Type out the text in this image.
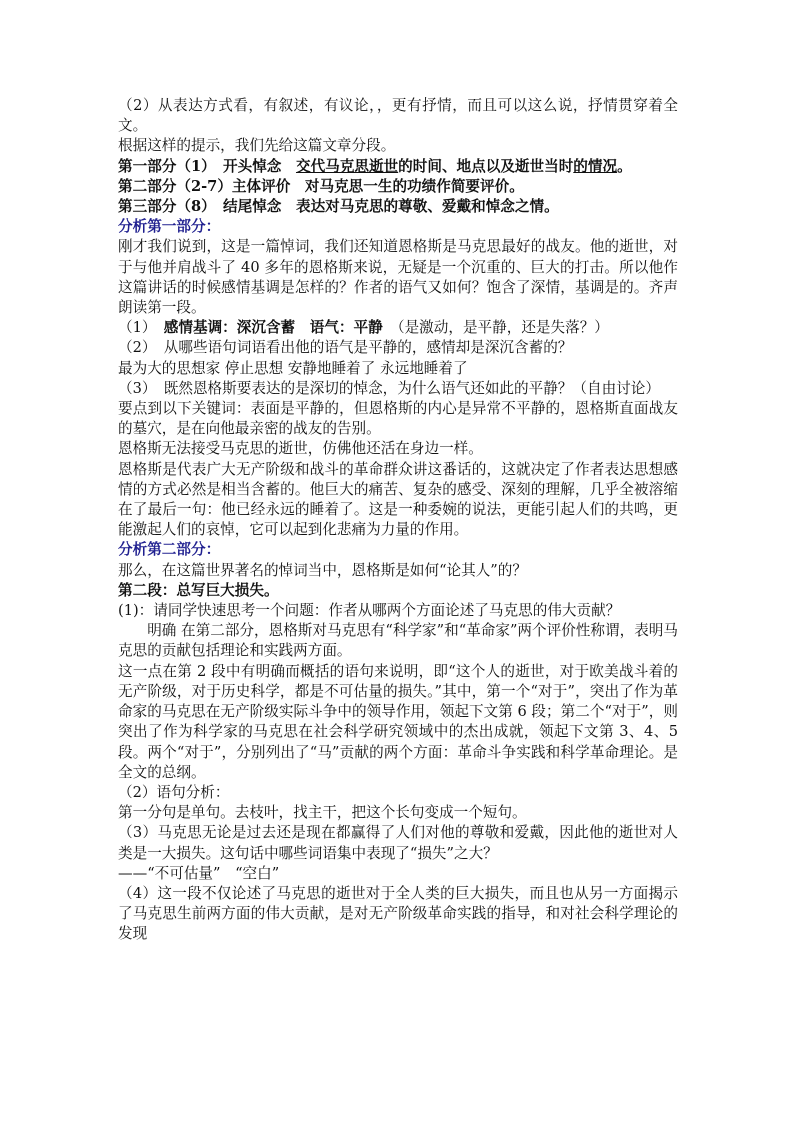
（2）从表达方式看，有叙述，有议论，，更有抒情，而且可以这么说，抒情贯穿着全文。

根据这样的提示，我们先给这篇文章分段。

第一部分（1）　开头悼念　交代马克思逝世的时间、地点以及逝世当时的情况。

第二部分（2-7）主体评价　对马克思一生的功绩作简要评价。

第三部分（8）　结尾悼念　表达对马克思的尊敬、爱戴和悼念之情。

分析第一部分：

刚才我们说到，这是一篇悼词，我们还知道恩格斯是马克思最好的战友。他的逝世，对于与他并肩战斗了 40 多年的恩格斯来说，无疑是一个沉重的、巨大的打击。所以他作这篇讲话的时候感情基调是怎样的？作者的语气又如何？饱含了深情，基调是的。齐声朗读第一段。

（1）　感情基调：深沉含蓄　语气：平静　（是激动，是平静，还是失落？）

（2）　从哪些语句词语看出他的语气是平静的，感情却是深沉含蓄的？

最为大的思想家 停止思想 安静地睡着了 永远地睡着了

（3）　既然恩格斯要表达的是深切的悼念，为什么语气还如此的平静？（自由讨论）

要点到以下关键词：表面是平静的，但恩格斯的内心是异常不平静的，恩格斯直面战友的墓穴，是在向他最亲密的战友的告别。

恩格斯无法接受马克思的逝世，仿佛他还活在身边一样。

恩格斯是代表广大无产阶级和战斗的革命群众讲这番话的，这就决定了作者表达思想感情的方式必然是相当含蓄的。他巨大的痛苦、复杂的感受、深刻的理解，几乎全被溶缩在了最后一句：他已经永远的睡着了。这是一种委婉的说法，更能引起人们的共鸣，更能激起人们的哀悼，它可以起到化悲痛为力量的作用。

分析第二部分：

那么，在这篇世界著名的悼词当中，恩格斯是如何“论其人”的？

第二段：总写巨大损失。

(1)：请同学快速思考一个问题：作者从哪两个方面论述了马克思的伟大贡献？

明确 在第二部分，恩格斯对马克思有“科学家”和“革命家”两个评价性称谓，表明马克思的贡献包括理论和实践两方面。

这一点在第 2 段中有明确而概括的语句来说明，即“这个人的逝世，对于欧美战斗着的无产阶级，对于历史科学，都是不可估量的损失。”其中，第一个“对于”，突出了作为革命家的马克思在无产阶级实际斗争中的领导作用，领起下文第 6 段；第二个“对于”，则突出了作为科学家的马克思在社会科学研究领域中的杰出成就，领起下文第 3、4、5 段。两个“对于”，分别列出了“马”贡献的两个方面：革命斗争实践和科学革命理论。是全文的总纲。

（2）语句分析：

第一分句是单句。去枝叶，找主干，把这个长句变成一个短句。

（3）马克思无论是过去还是现在都赢得了人们对他的尊敬和爱戴，因此他的逝世对人类是一大损失。这句话中哪些词语集中表现了“损失”之大？

——“不可估量”　“空白”

（4）这一段不仅论述了马克思的逝世对于全人类的巨大损失，而且也从另一方面揭示了马克思生前两方面的伟大贡献，是对无产阶级革命实践的指导，和对社会科学理论的发现
